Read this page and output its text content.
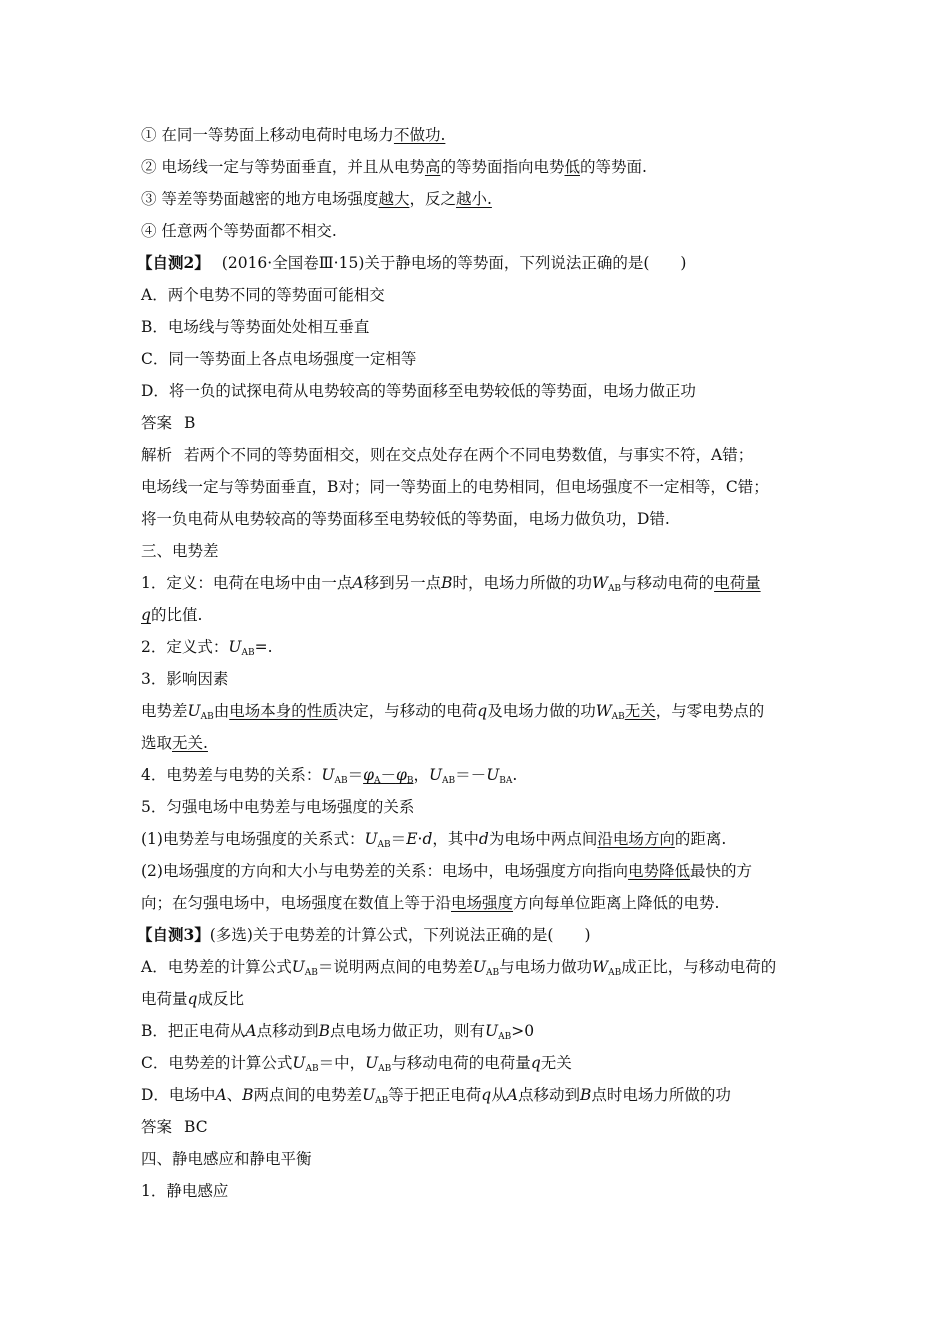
① 在同一等势面上移动电荷时电场力不做功.
② 电场线一定与等势面垂直，并且从电势高的等势面指向电势低的等势面.
③ 等差等势面越密的地方电场强度越大，反之越小.
④ 任意两个等势面都不相交.
【自测2】 (2016·全国卷Ⅲ·15)关于静电场的等势面，下列说法正确的是(　　)
A．两个电势不同的等势面可能相交
B．电场线与等势面处处相互垂直
C．同一等势面上各点电场强度一定相等
D．将一负的试探电荷从电势较高的等势面移至电势较低的等势面，电场力做正功
答案 B
解析 若两个不同的等势面相交，则在交点处存在两个不同电势数值，与事实不符，A错；
电场线一定与等势面垂直，B对；同一等势面上的电势相同，但电场强度不一定相等，C错；
将一负电荷从电势较高的等势面移至电势较低的等势面，电场力做负功，D错.
三、电势差
1．定义：电荷在电场中由一点A移到另一点B时，电场力所做的功$W_{AB}$与移动电荷的电荷量
q的比值.
2．定义式：$U_{AB}=$.
3．影响因素
电势差$U_{AB}$由电场本身的性质决定，与移动的电荷q及电场力做的功$W_{AB}$无关，与零电势点的
选取无关.
4．电势差与电势的关系：$U_{AB}=\varphi_A-\varphi_B$，$U_{AB}=-U_{BA}$.
5．匀强电场中电势差与电场强度的关系
(1)电势差与电场强度的关系式：$U_{AB}=E\cdot d$，其中d为电场中两点间沿电场方向的距离.
(2)电场强度的方向和大小与电势差的关系：电场中，电场强度方向指向电势降低最快的方
向；在匀强电场中，电场强度在数值上等于沿电场强度方向每单位距离上降低的电势.
【自测3】(多选)关于电势差的计算公式，下列说法正确的是(　　)
A．电势差的计算公式$U_{AB}=$说明两点间的电势差$U_{AB}$与电场力做功$W_{AB}$成正比，与移动电荷的
电荷量q成反比
B．把正电荷从A点移动到B点电场力做正功，则有$U_{AB}>0$
C．电势差的计算公式$U_{AB}=$中，$U_{AB}$与移动电荷的电荷量q无关
D．电场中A、B两点间的电势差$U_{AB}$等于把正电荷q从A点移动到B点时电场力所做的功
答案 BC
四、静电感应和静电平衡
1．静电感应
